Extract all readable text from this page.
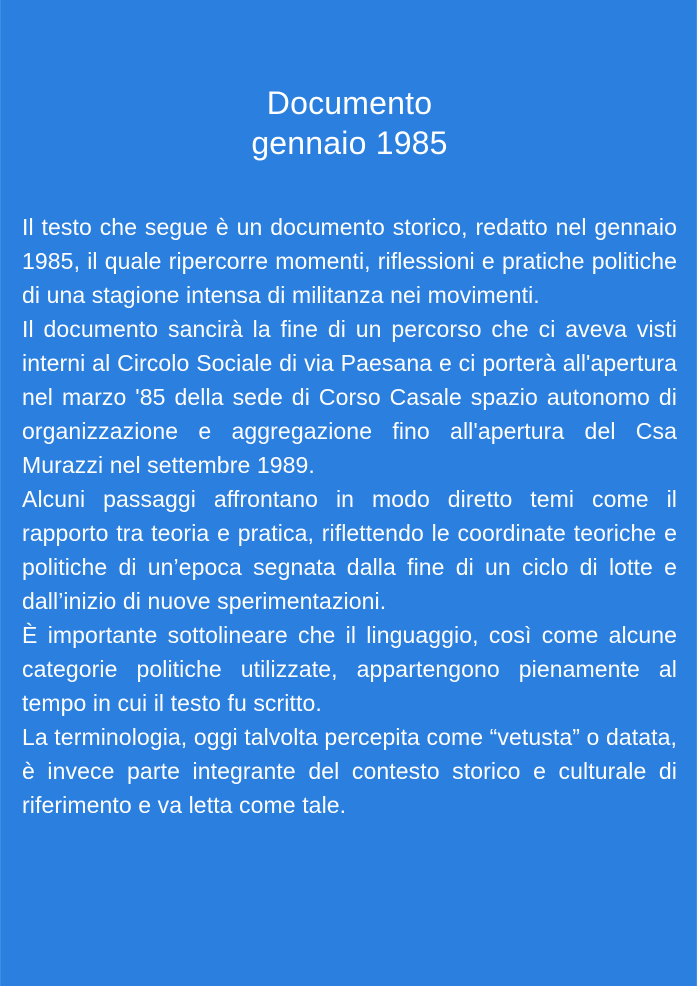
Documento
gennaio 1985

Il testo che segue è un documento storico, redatto nel gennaio 1985, il quale ripercorre momenti, riflessioni e pratiche politiche di una stagione intensa di militanza nei movimenti.

Il documento sancirà la fine di un percorso che ci aveva visti interni al Circolo Sociale di via Paesana e ci porterà all'apertura nel marzo '85 della sede di Corso Casale spazio autonomo di organizzazione e aggregazione fino all'apertura del Csa Murazzi nel settembre 1989.

Alcuni passaggi affrontano in modo diretto temi come il rapporto tra teoria e pratica, riflettendo le coordinate teoriche e politiche di un’epoca segnata dalla fine di un ciclo di lotte e dall’inizio di nuove sperimentazioni.

È importante sottolineare che il linguaggio, così come alcune categorie politiche utilizzate, appartengono pienamente al tempo in cui il testo fu scritto.

La terminologia, oggi talvolta percepita come “vetusta” o datata, è invece parte integrante del contesto storico e culturale di riferimento e va letta come tale.
